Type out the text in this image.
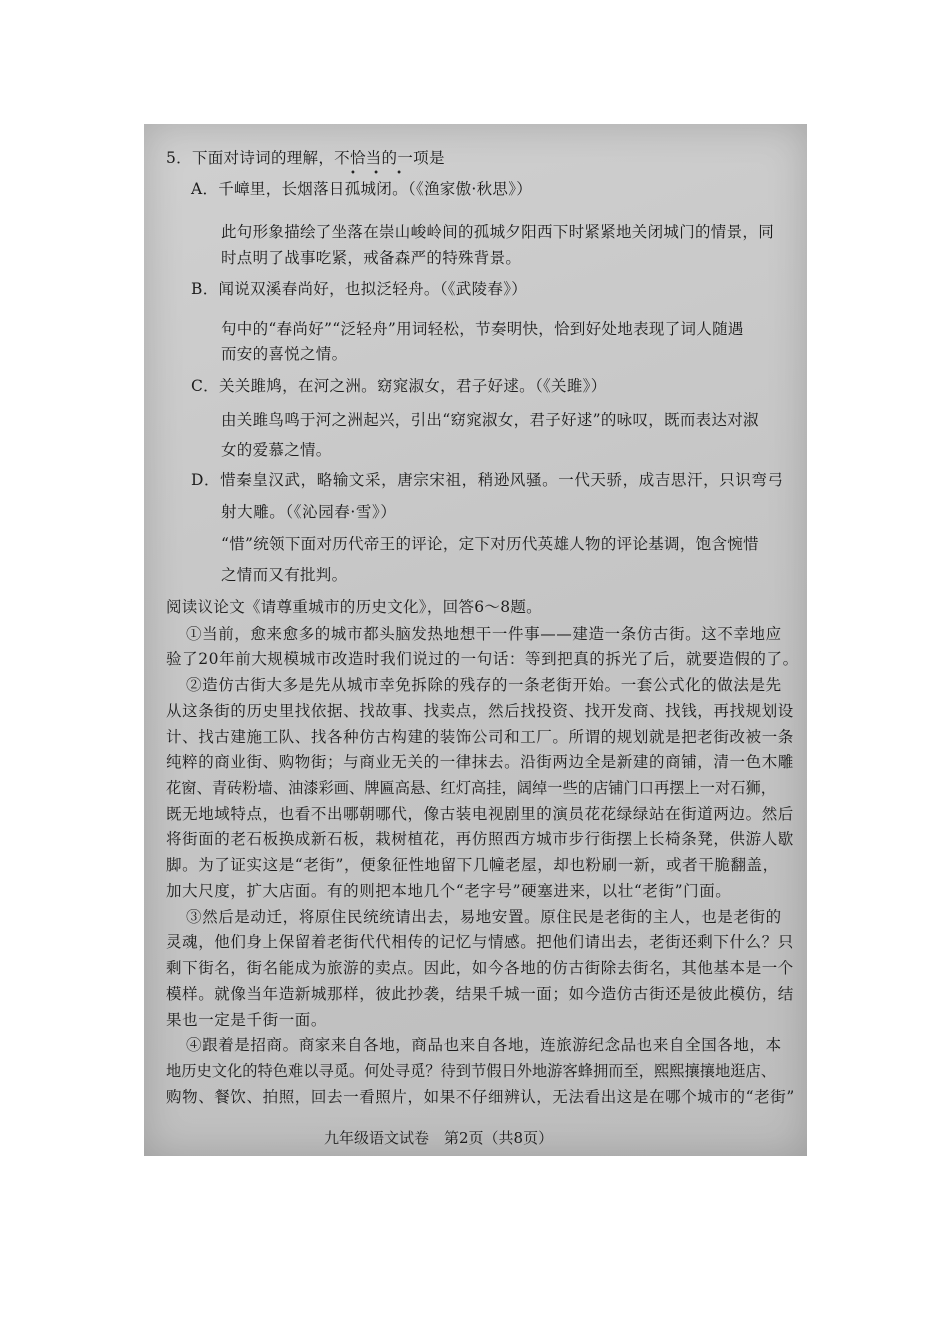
5．下面对诗词的理解，不恰当的一项是
• • •
A．千嶂里，长烟落日孤城闭。（《渔家傲·秋思》）
此句形象描绘了坐落在崇山峻岭间的孤城夕阳西下时紧紧地关闭城门的情景，同
时点明了战事吃紧，戒备森严的特殊背景。
B．闻说双溪春尚好，也拟泛轻舟。（《武陵春》）
句中的“春尚好”“泛轻舟”用词轻松，节奏明快，恰到好处地表现了词人随遇
而安的喜悦之情。
C．关关雎鸠，在河之洲。窈窕淑女，君子好逑。（《关雎》）
由关雎鸟鸣于河之洲起兴，引出“窈窕淑女，君子好逑”的咏叹，既而表达对淑
女的爱慕之情。
D．惜秦皇汉武，略输文采，唐宗宋祖，稍逊风骚。一代天骄，成吉思汗，只识弯弓
射大雕。（《沁园春·雪》）
“惜”统领下面对历代帝王的评论，定下对历代英雄人物的评论基调，饱含惋惜
之情而又有批判。
阅读议论文《请尊重城市的历史文化》，回答6～8题。
①当前，愈来愈多的城市都头脑发热地想干一件事——建造一条仿古街。这不幸地应
验了20年前大规模城市改造时我们说过的一句话：等到把真的拆光了后，就要造假的了。
②造仿古街大多是先从城市幸免拆除的残存的一条老街开始。一套公式化的做法是先
从这条街的历史里找依据、找故事、找卖点，然后找投资、找开发商、找钱，再找规划设
计、找古建施工队、找各种仿古构建的装饰公司和工厂。所谓的规划就是把老街改被一条
纯粹的商业街、购物街；与商业无关的一律抹去。沿街两边全是新建的商铺，清一色木雕
花窗、青砖粉墙、油漆彩画、牌匾高悬、红灯高挂，阔绰一些的店铺门口再摆上一对石狮，
既无地域特点，也看不出哪朝哪代，像古装电视剧里的演员花花绿绿站在街道两边。然后
将街面的老石板换成新石板，栽树植花，再仿照西方城市步行街摆上长椅条凳，供游人歇
脚。为了证实这是“老街”，便象征性地留下几幢老屋，却也粉刷一新，或者干脆翻盖，
加大尺度，扩大店面。有的则把本地几个“老字号”硬塞进来，以壮“老街”门面。
③然后是动迁，将原住民统统请出去，易地安置。原住民是老街的主人，也是老街的
灵魂，他们身上保留着老街代代相传的记忆与情感。把他们请出去，老街还剩下什么？只
剩下街名，街名能成为旅游的卖点。因此，如今各地的仿古街除去街名，其他基本是一个
模样。就像当年造新城那样，彼此抄袭，结果千城一面；如今造仿古街还是彼此模仿，结
果也一定是千街一面。
④跟着是招商。商家来自各地，商品也来自各地，连旅游纪念品也来自全国各地，本
地历史文化的特色难以寻觅。何处寻觅？待到节假日外地游客蜂拥而至，熙熙攘攘地逛店、
购物、餐饮、拍照，回去一看照片，如果不仔细辨认，无法看出这是在哪个城市的“老街”
九年级语文试卷　第2页（共8页）
